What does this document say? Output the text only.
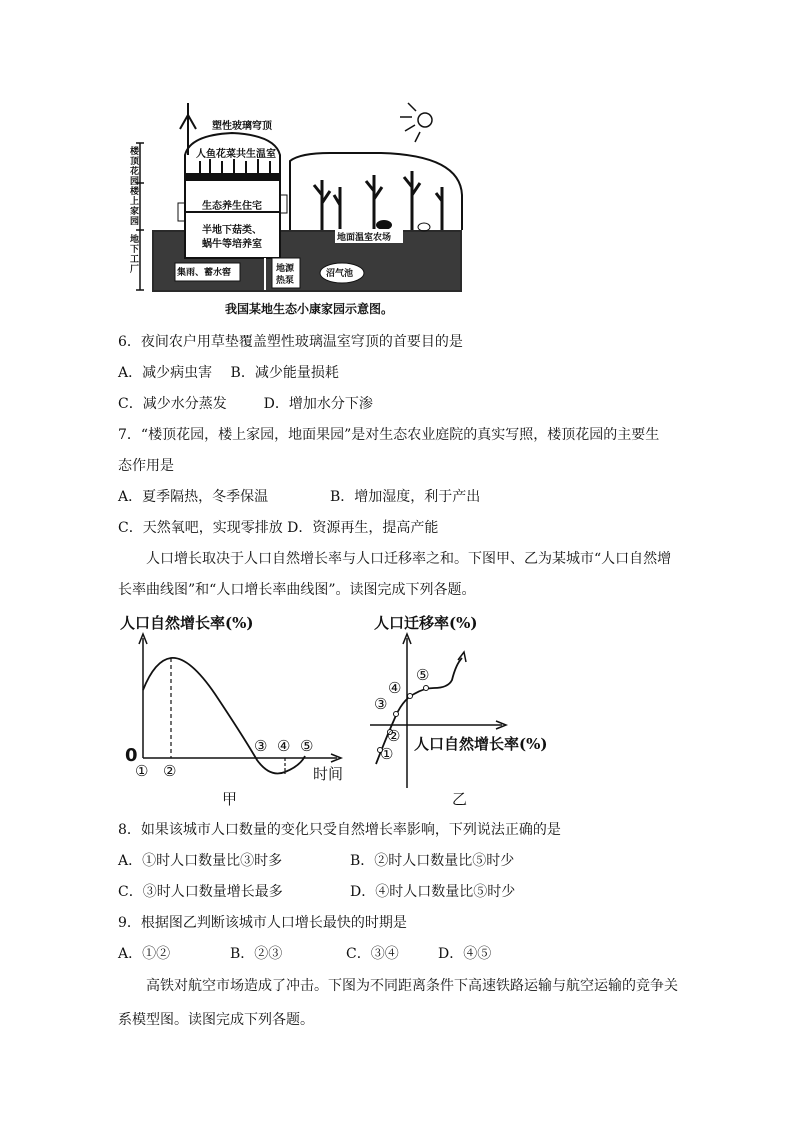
塑性玻璃穹顶
人鱼花菜共生温室
生态养生住宅
半地下菇类、
蜗牛等培养室
集雨、蓄水窖	地源
热泵
沼气池
地面温室农场
楼顶花园
楼上家园
地下工厂
我国某地生态小康家园示意图。
6．夜间农户用草垫覆盖塑性玻璃温室穹顶的首要目的是
A．减少病虫害　 B．减少能量损耗
C．减少水分蒸发　 　 D．增加水分下渗
7．“楼顶花园，楼上家园，地面果园”是对生态农业庭院的真实写照，楼顶花园的主要生
态作用是
A．夏季隔热，冬季保温	B．增加湿度，利于产出
C．天然氧吧，实现零排放 D．资源再生，提高产能
人口增长取决于人口自然增长率与人口迁移率之和。下图甲、乙为某城市“人口自然增
长率曲线图”和“人口增长率曲线图”。读图完成下列各题。
人口自然增长率(%)
0
① ②
③ ④ ⑤
时间
甲
人口迁移率(%)
①
②
③
④
⑤
人口自然增长率(%)
乙
8．如果该城市人口数量的变化只受自然增长率影响，下列说法正确的是
A．①时人口数量比③时多	B．②时人口数量比⑤时少
C．③时人口数量增长最多	D．④时人口数量比⑤时少
9．根据图乙判断该城市人口增长最快的时期是
A．①②	B．②③	C．③④	D．④⑤
高铁对航空市场造成了冲击。下图为不同距离条件下高速铁路运输与航空运输的竞争关
系模型图。读图完成下列各题。
